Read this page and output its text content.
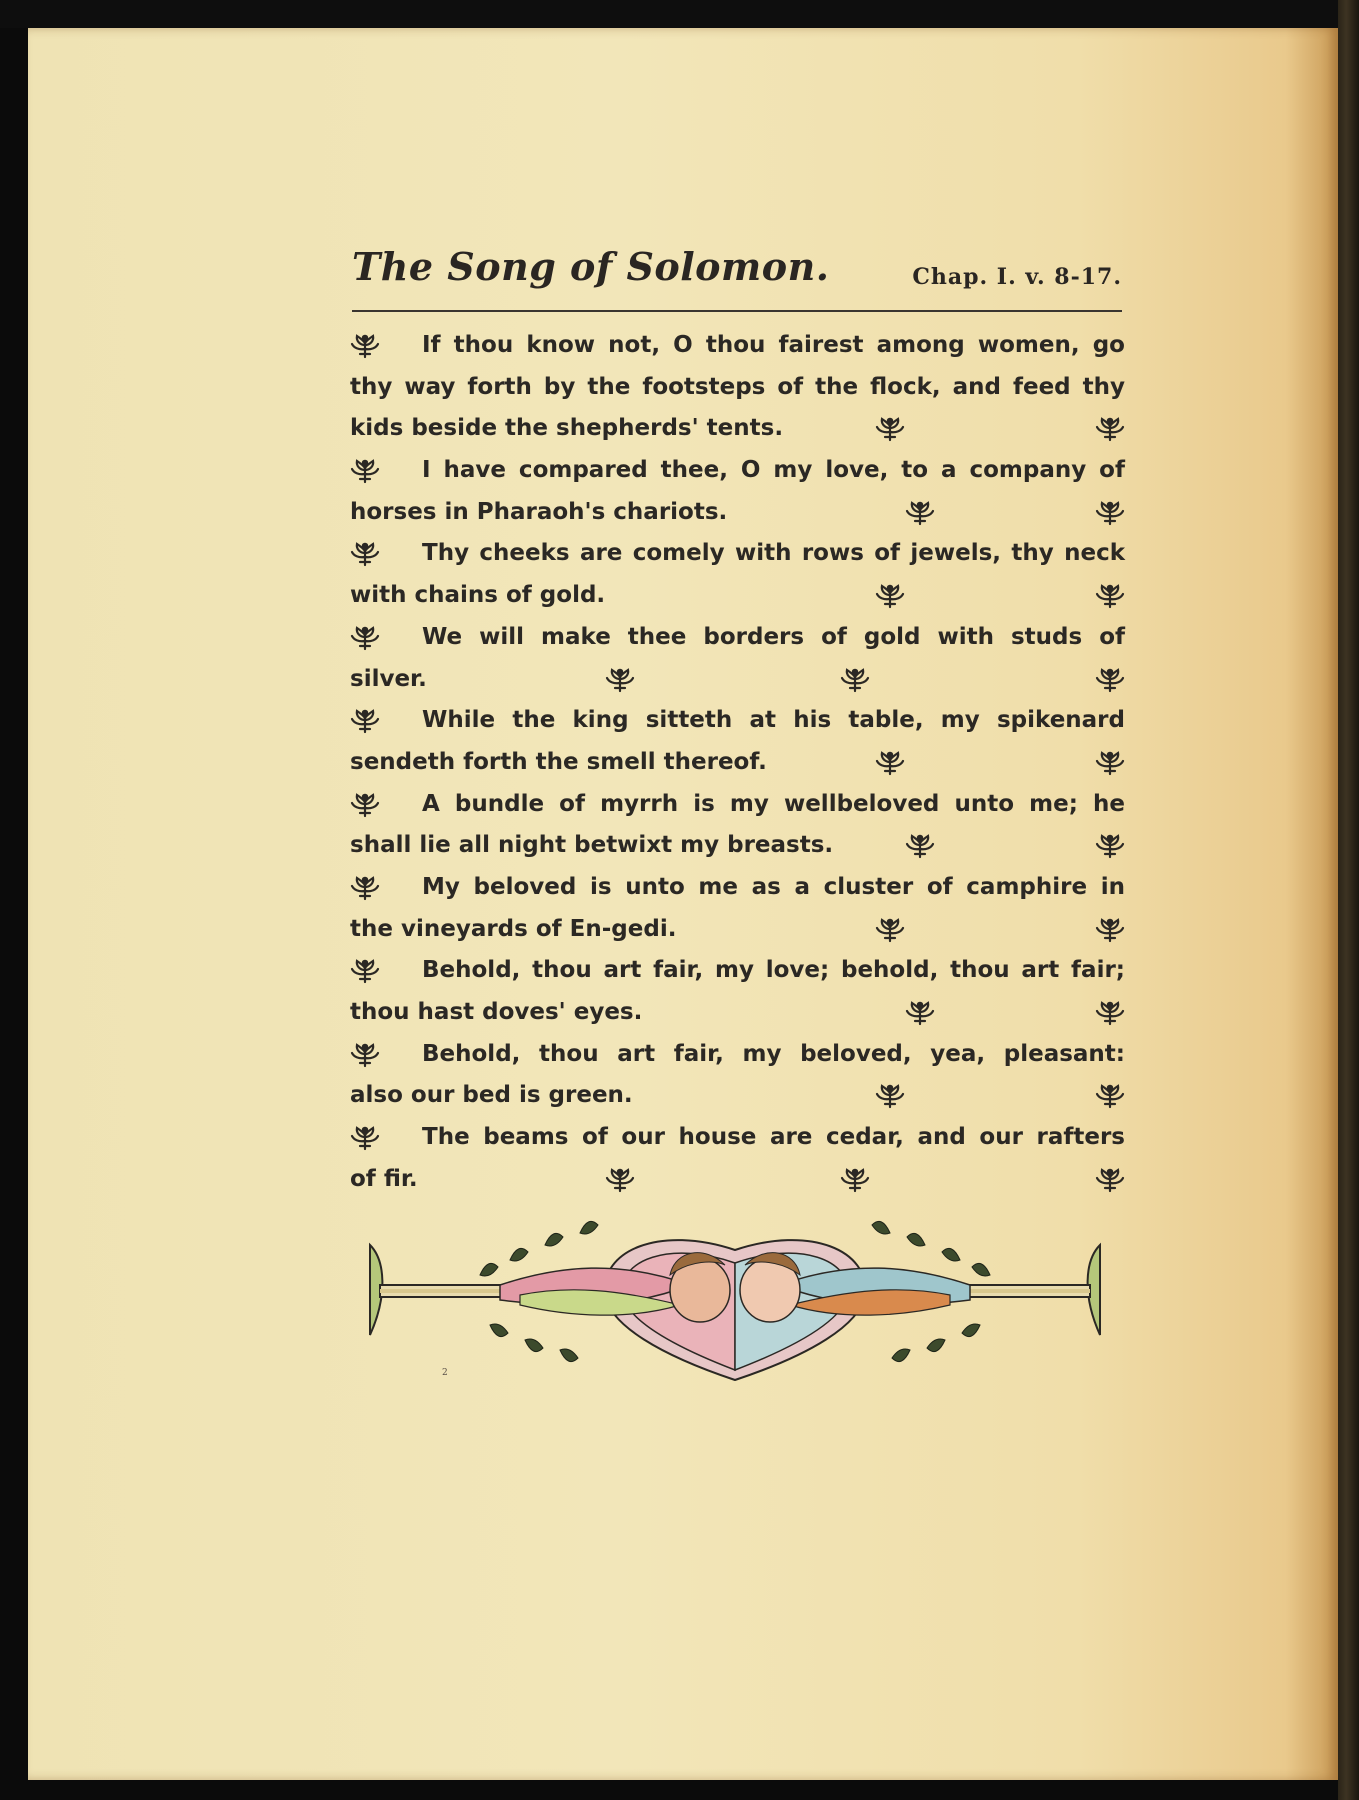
The Song of Solomon.	Chap. I. v. 8-17.
If thou know not, O thou fairest among women, go
thy way forth by the footsteps of the flock, and feed thy
kids beside the shepherds' tents.
I have compared thee, O my love, to a company of
horses in Pharaoh's chariots.
Thy cheeks are comely with rows of jewels, thy neck
with chains of gold.
We will make thee borders of gold with studs of
silver.
While the king sitteth at his table, my spikenard
sendeth forth the smell thereof.
A bundle of myrrh is my wellbeloved unto me; he
shall lie all night betwixt my breasts.
My beloved is unto me as a cluster of camphire in
the vineyards of En-gedi.
Behold, thou art fair, my love; behold, thou art fair;
thou hast doves' eyes.
Behold, thou art fair, my beloved, yea, pleasant:
also our bed is green.
The beams of our house are cedar, and our rafters
of fir.
2
